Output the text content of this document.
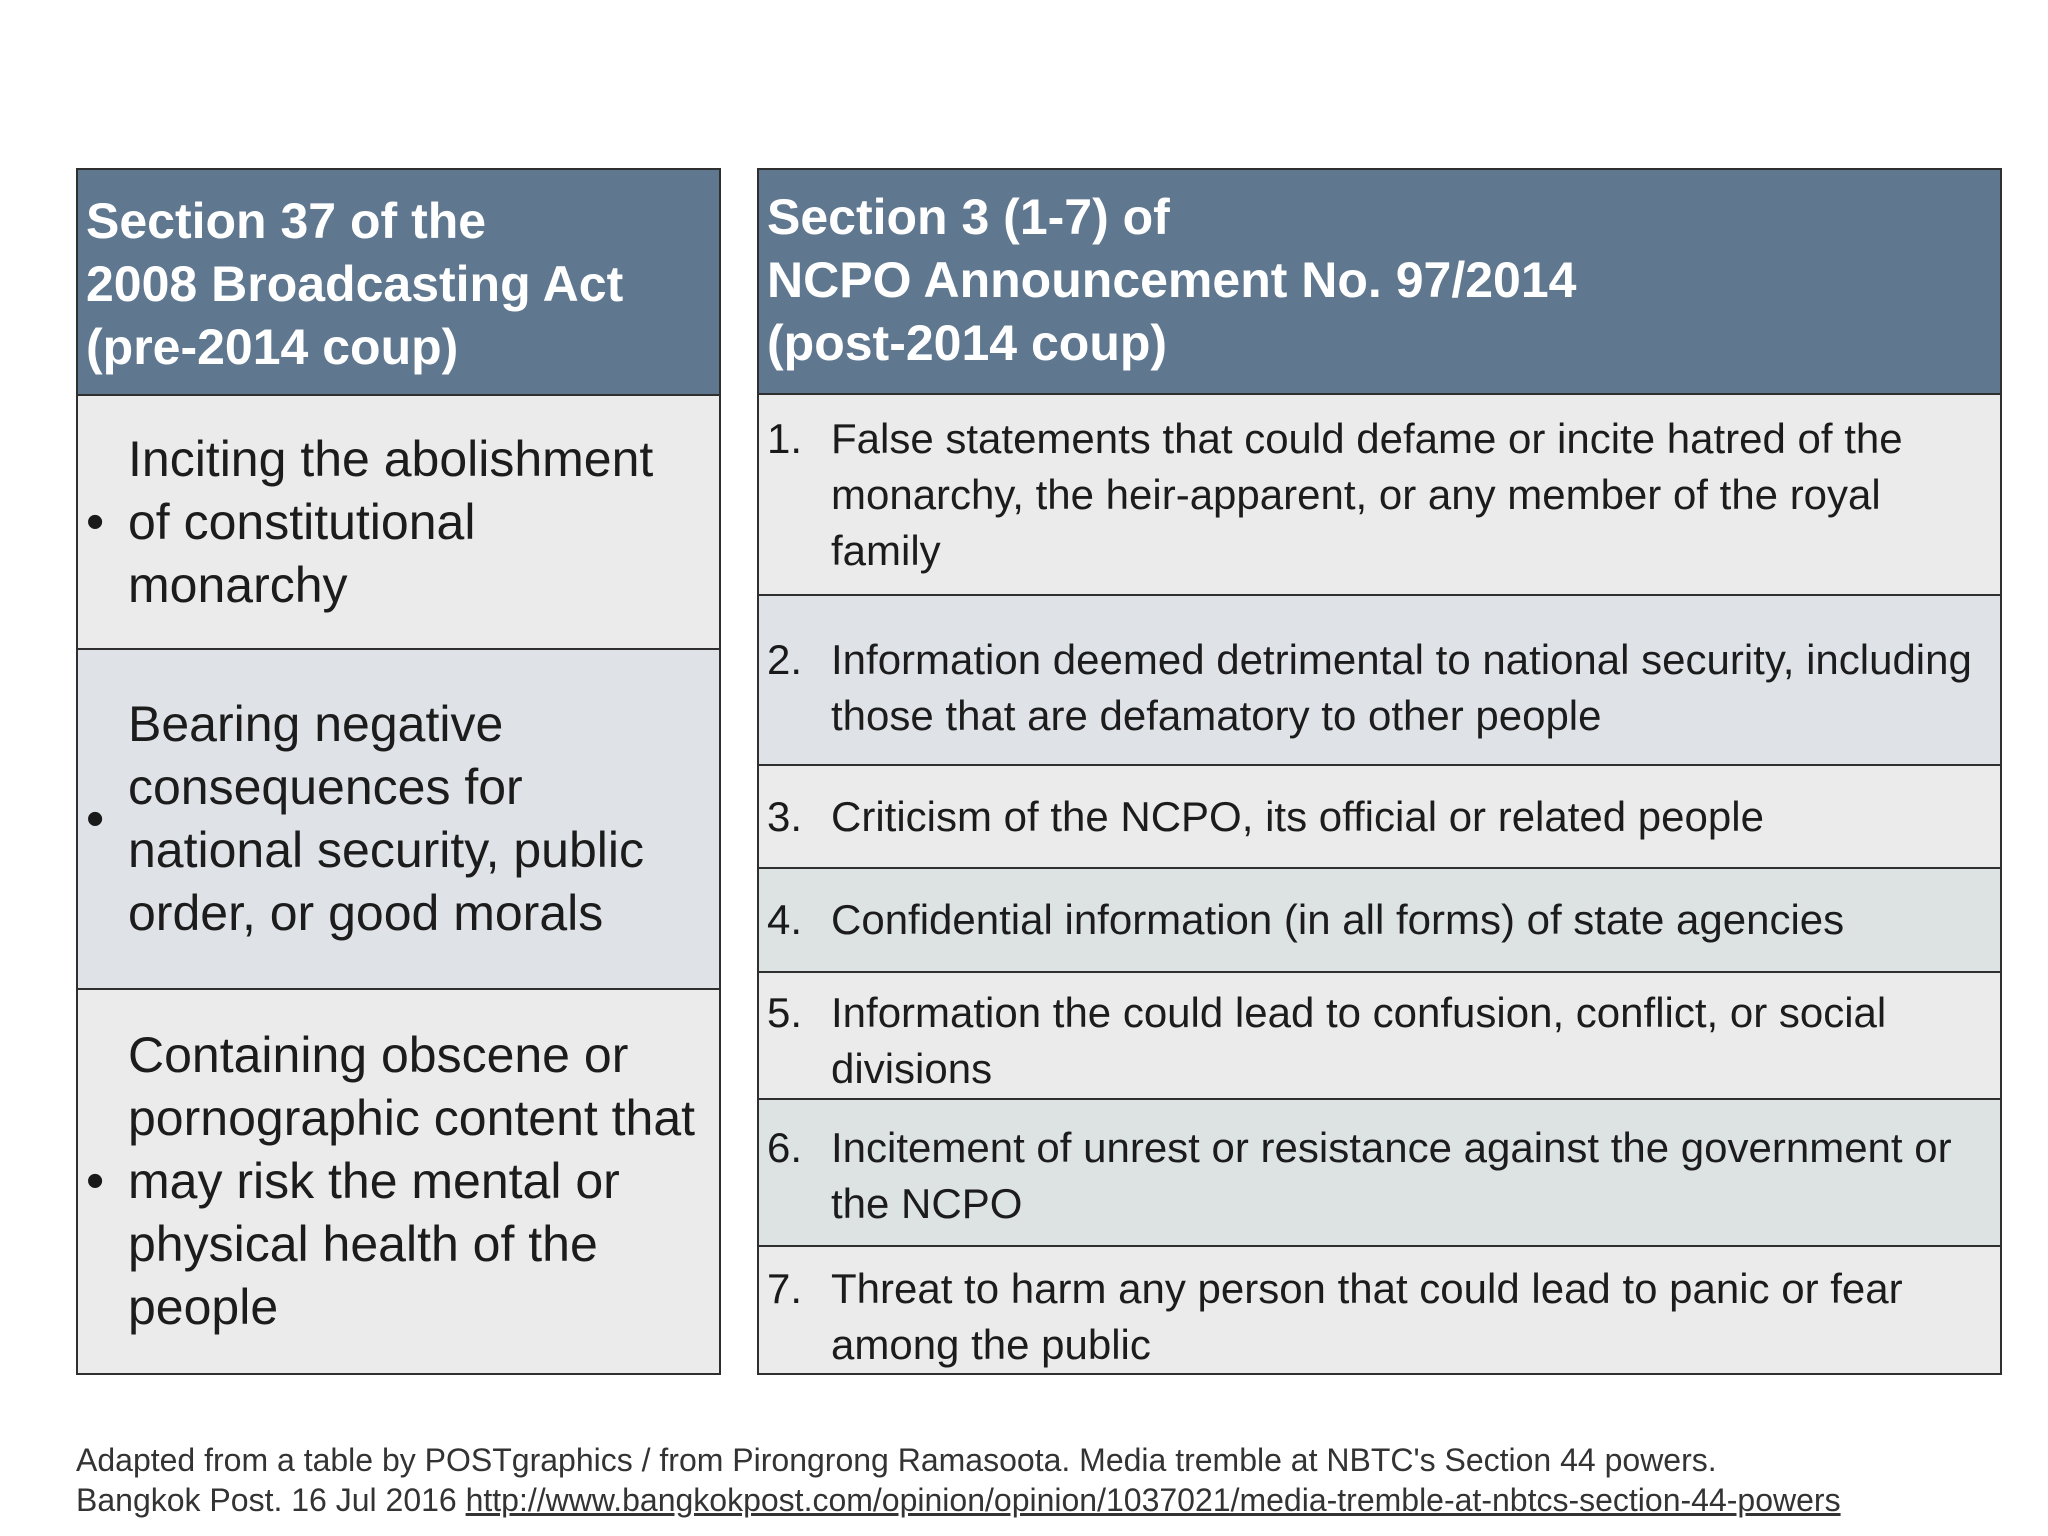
Section 37 of the
2008 Broadcasting Act
(pre-2014 coup)
•
Inciting the abolishment of constitutional monarchy
•
Bearing negative consequences for national security, public order, or good morals
•
Containing obscene or pornographic content that may risk the mental or physical health of the people
Section 3 (1-7) of
NCPO Announcement No. 97/2014
(post-2014 coup)
1. False statements that could defame or incite hatred of the monarchy, the heir-apparent, or any member of the royal family
2. Information deemed detrimental to national security, including those that are defamatory to other people
3. Criticism of the NCPO, its official or related people
4. Confidential information (in all forms) of state agencies
5. Information the could lead to confusion, conflict, or social divisions
6. Incitement of unrest or resistance against the government or the NCPO
7. Threat to harm any person that could lead to panic or fear among the public
Adapted from a table by POSTgraphics / from Pirongrong Ramasoota. Media tremble at NBTC's Section 44 powers.
Bangkok Post. 16 Jul 2016 http://www.bangkokpost.com/opinion/opinion/1037021/media-tremble-at-nbtcs-section-44-powers
